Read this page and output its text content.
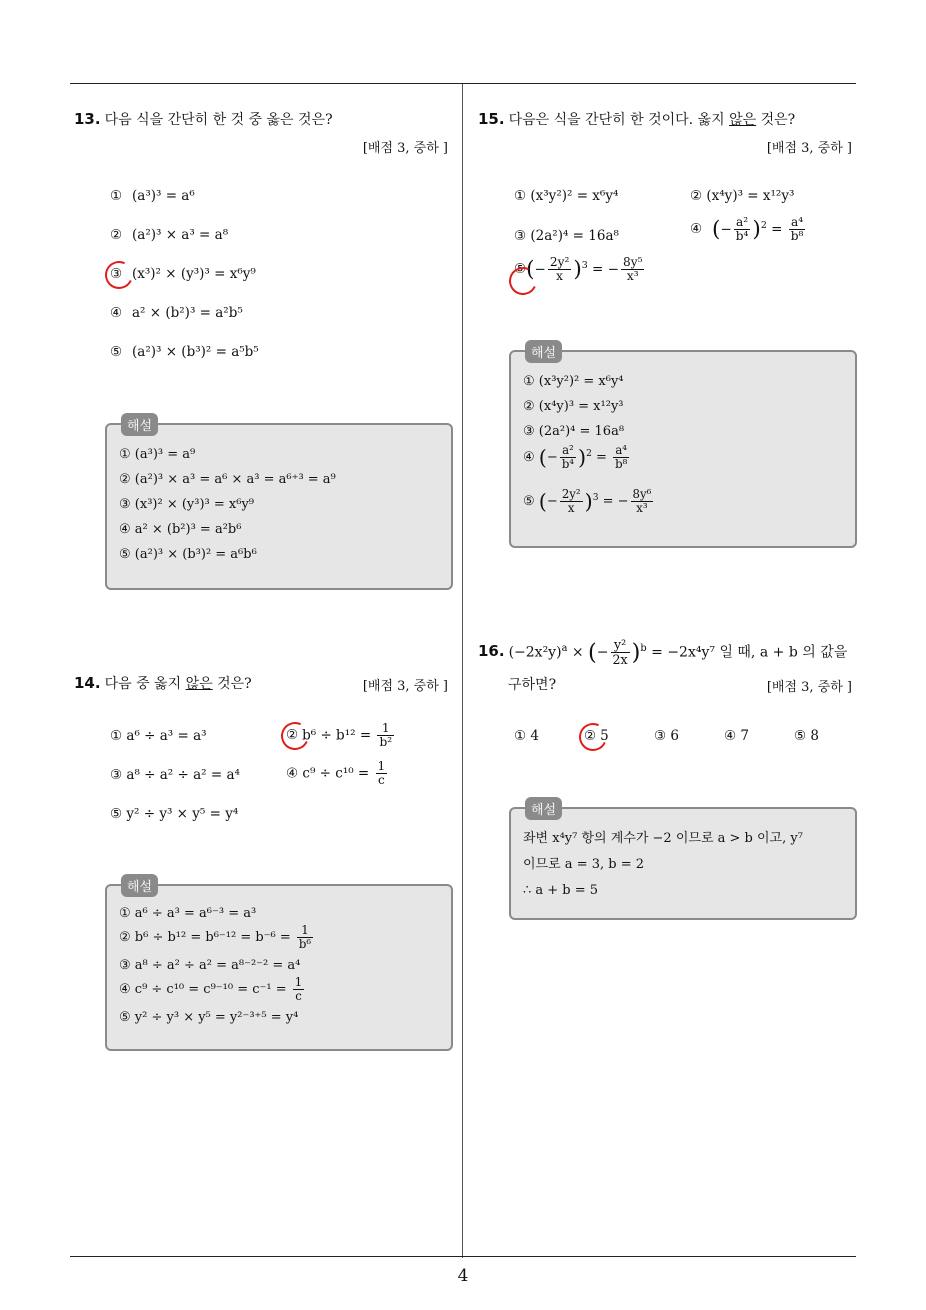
4
13. 다음 식을 간단히 한 것 중 옳은 것은?
[배점 3, 중하 ]
① (a³)³ = a⁶
② (a²)³ × a³ = a⁸
③ (x³)² × (y³)³ = x⁶y⁹
④ a² × (b²)³ = a²b⁵
⑤ (a²)³ × (b³)² = a⁵b⁵
해설
① (a³)³ = a⁹
② (a²)³ × a³ = a⁶ × a³ = a⁶⁺³ = a⁹
③ (x³)² × (y³)³ = x⁶y⁹
④ a² × (b²)³ = a²b⁶
⑤ (a²)³ × (b³)² = a⁶b⁶
14. 다음 중 옳지 않은 것은?	[배점 3, 중하 ]
① a⁶ ÷ a³ = a³	② $b^6 \div b^{12} = \frac{1}{\text{b²}}$
③ a⁸ ÷ a² ÷ a² = a⁴	④ $c^9 \div c^{10} = \frac{1}{c}$
⑤ y² ÷ y³ × y⁵ = y⁴
해설
① a⁶ ÷ a³ = a⁶⁻³ = a³
② $b^6 \div b^{12} = b^{6-12} = b^{-6} = \frac{1}{\text{b⁶}}$
③ a⁸ ÷ a² ÷ a² = a⁸⁻²⁻² = a⁴
④ $c^9 \div c^{10} = c^{9-10} = c^{-1} = \frac{1}{c}$
⑤ y² ÷ y³ × y⁵ = y²⁻³⁺⁵ = y⁴
15. 다음은 식을 간단히 한 것이다. 옳지 않은 것은?
[배점 3, 중하 ]
① (x³y²)² = x⁶y⁴	② (x⁴y)³ = x¹²y³
③ (2a²)⁴ = 16a⁸	④ (− $\frac{\text{a²}}{\text{b⁴}} )^2 = \frac{\text{a⁴}}{\text{b⁸}}$
⑤
(− $\frac{\text{2y²}}{x} )^3$ = − $\frac{\text{8y⁵}}{\text{x³}}$
해설
① (x³y²)² = x⁶y⁴
② (x⁴y)³ = x¹²y³
③ (2a²)⁴ = 16a⁸
④ (− $\frac{\text{a²}}{\text{b⁴}} )^2 = \frac{\text{a⁴}}{\text{b⁸}}$
⑤ (− $\frac{\text{2y²}}{x} )^3$ = − $\frac{\text{8y⁶}}{\text{x³}}$
16. $(-2x^2y)^a$ × (− $\frac{\text{y²}}{2x} )^b = -2x^4y^7$ 일 때, a + b 의 값을
구하면?	[배점 3, 중하 ]
① 4	② 5	③ 6	④ 7	⑤ 8
해설
좌변 x⁴y⁷ 항의 계수가 −2 이므로 a > b 이고, y⁷
이므로 a = 3, b = 2
∴ a + b = 5
